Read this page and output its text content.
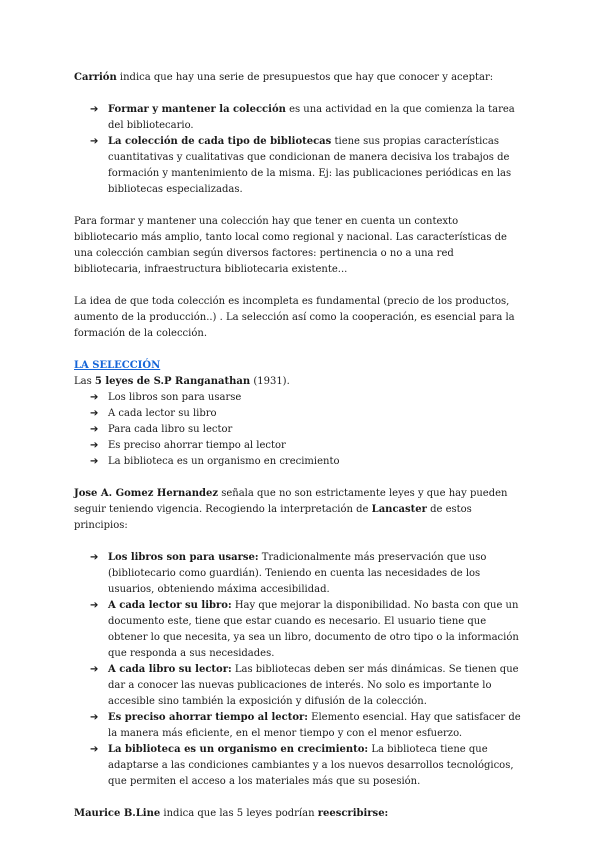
Carrión indica que hay una serie de presupuestos que hay que conocer y aceptar:

➔ Formar y mantener la colección es una actividad en la que comienza la tarea del bibliotecario.
➔ La colección de cada tipo de bibliotecas tiene sus propias características cuantitativas y cualitativas que condicionan de manera decisiva los trabajos de formación y mantenimiento de la misma. Ej: las publicaciones periódicas en las bibliotecas especializadas.

Para formar y mantener una colección hay que tener en cuenta un contexto bibliotecario más amplio, tanto local como regional y nacional. Las características de una colección cambian según diversos factores: pertinencia o no a una red bibliotecaria, infraestructura bibliotecaria existente...

La idea de que toda colección es incompleta es fundamental (precio de los productos, aumento de la producción..) . La selección así como la cooperación, es esencial para la formación de la colección.

LA SELECCIÓN

Las 5 leyes de S.P Ranganathan (1931).

➔ Los libros son para usarse
➔ A cada lector su libro
➔ Para cada libro su lector
➔ Es preciso ahorrar tiempo al lector
➔ La biblioteca es un organismo en crecimiento

Jose A. Gomez Hernandez señala que no son estrictamente leyes y que hay pueden seguir teniendo vigencia. Recogiendo la interpretación de Lancaster de estos principios:

➔ Los libros son para usarse: Tradicionalmente más preservación que uso (bibliotecario como guardián). Teniendo en cuenta las necesidades de los usuarios, obteniendo máxima accesibilidad.
➔ A cada lector su libro: Hay que mejorar la disponibilidad. No basta con que un documento este, tiene que estar cuando es necesario. El usuario tiene que obtener lo que necesita, ya sea un libro, documento de otro tipo o la información que responda a sus necesidades.
➔ A cada libro su lector: Las bibliotecas deben ser más dinámicas. Se tienen que dar a conocer las nuevas publicaciones de interés. No solo es importante lo accesible sino también la exposición y difusión de la colección.
➔ Es preciso ahorrar tiempo al lector: Elemento esencial. Hay que satisfacer de la manera más eficiente, en el menor tiempo y con el menor esfuerzo.
➔ La biblioteca es un organismo en crecimiento: La biblioteca tiene que adaptarse a las condiciones cambiantes y a los nuevos desarrollos tecnológicos, que permiten el acceso a los materiales más que su posesión.

Maurice B.Line indica que las 5 leyes podrían reescribirse:
